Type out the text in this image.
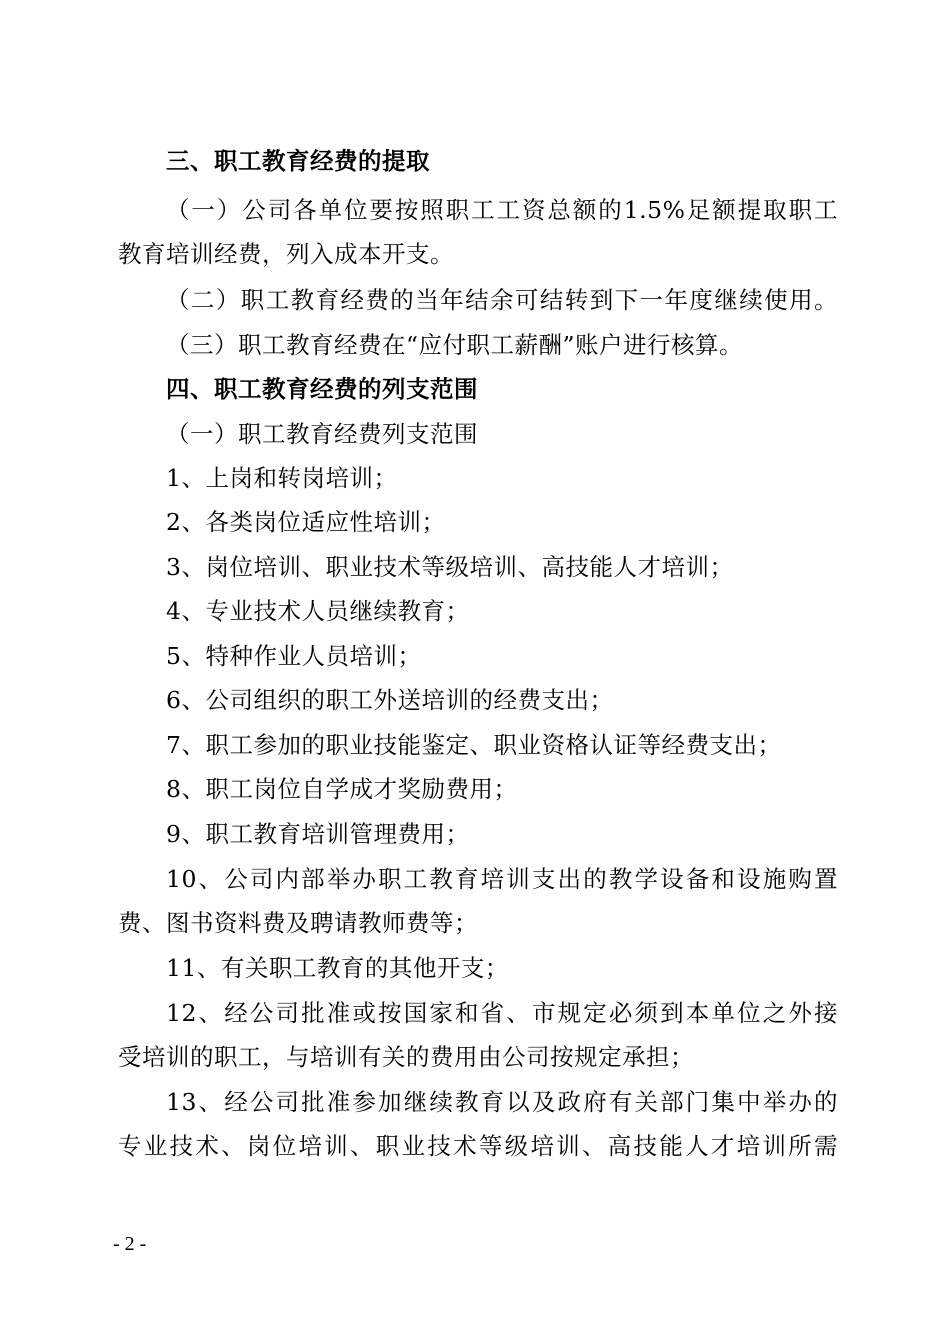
三、职工教育经费的提取
（一）公司各单位要按照职工工资总额的1.5%足额提取职工
教育培训经费，列入成本开支。
（二）职工教育经费的当年结余可结转到下一年度继续使用。
（三）职工教育经费在“应付职工薪酬”账户进行核算。
四、职工教育经费的列支范围
（一）职工教育经费列支范围
1、上岗和转岗培训；
2、各类岗位适应性培训；
3、岗位培训、职业技术等级培训、高技能人才培训；
4、专业技术人员继续教育；
5、特种作业人员培训；
6、公司组织的职工外送培训的经费支出；
7、职工参加的职业技能鉴定、职业资格认证等经费支出；
8、职工岗位自学成才奖励费用；
9、职工教育培训管理费用；
10、公司内部举办职工教育培训支出的教学设备和设施购置
费、图书资料费及聘请教师费等；
11、有关职工教育的其他开支；
12、经公司批准或按国家和省、市规定必须到本单位之外接
受培训的职工，与培训有关的费用由公司按规定承担；
13、经公司批准参加继续教育以及政府有关部门集中举办的
专业技术、岗位培训、职业技术等级培训、高技能人才培训所需
- 2 -
